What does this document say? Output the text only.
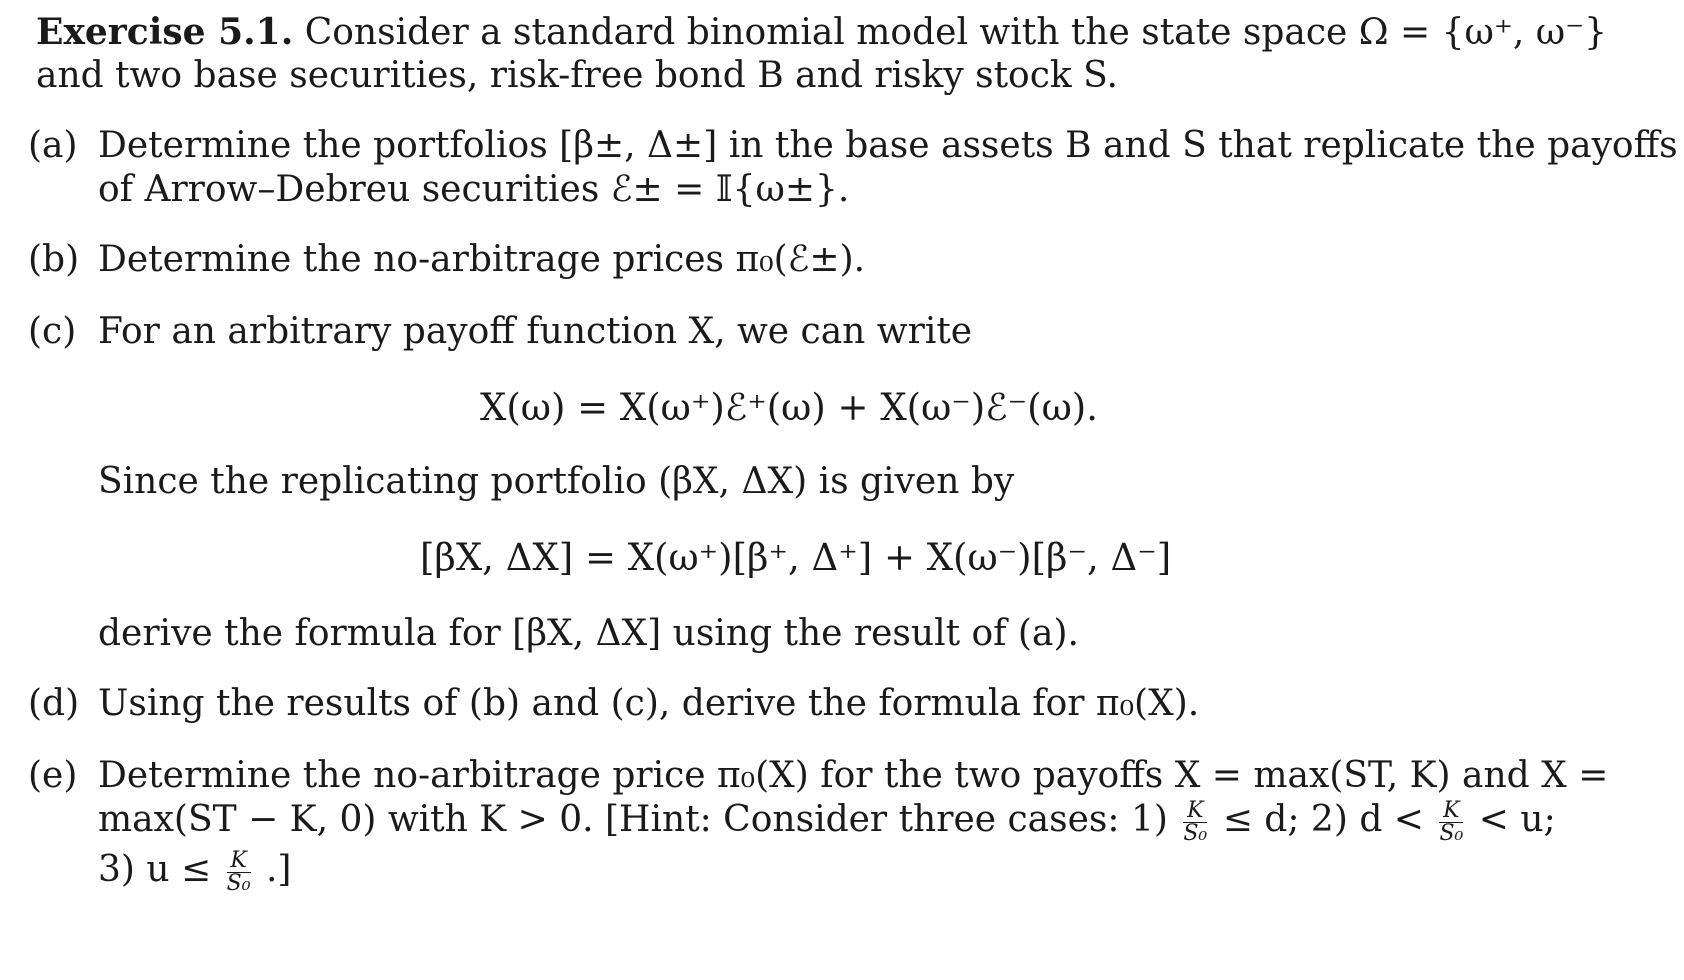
Exercise 5.1. Consider a standard binomial model with the state space Ω = {ω⁺, ω⁻}
and two base securities, risk-free bond B and risky stock S.
(a) Determine the portfolios [β±, Δ±] in the base assets B and S that replicate the payoffs
of Arrow–Debreu securities ℰ± = 𝕀{ω±}.
(b) Determine the no-arbitrage prices π₀(ℰ±).
(c) For an arbitrary payoff function X, we can write
X(ω) = X(ω⁺)ℰ⁺(ω) + X(ω⁻)ℰ⁻(ω).
Since the replicating portfolio (βX, ΔX) is given by
[βX, ΔX] = X(ω⁺)[β⁺, Δ⁺] + X(ω⁻)[β⁻, Δ⁻]
derive the formula for [βX, ΔX] using the result of (a).
(d) Using the results of (b) and (c), derive the formula for π₀(X).
(e) Determine the no-arbitrage price π₀(X) for the two payoffs X = max(ST, K) and X =
max(ST − K, 0) with K > 0. [Hint: Consider three cases: $1) \frac{K}{\text{S₀}} \le d$; 2) $d < \frac{K}{\text{S₀}} < u$;
3) $u \le \frac{K}{\text{S₀}}$ .]
